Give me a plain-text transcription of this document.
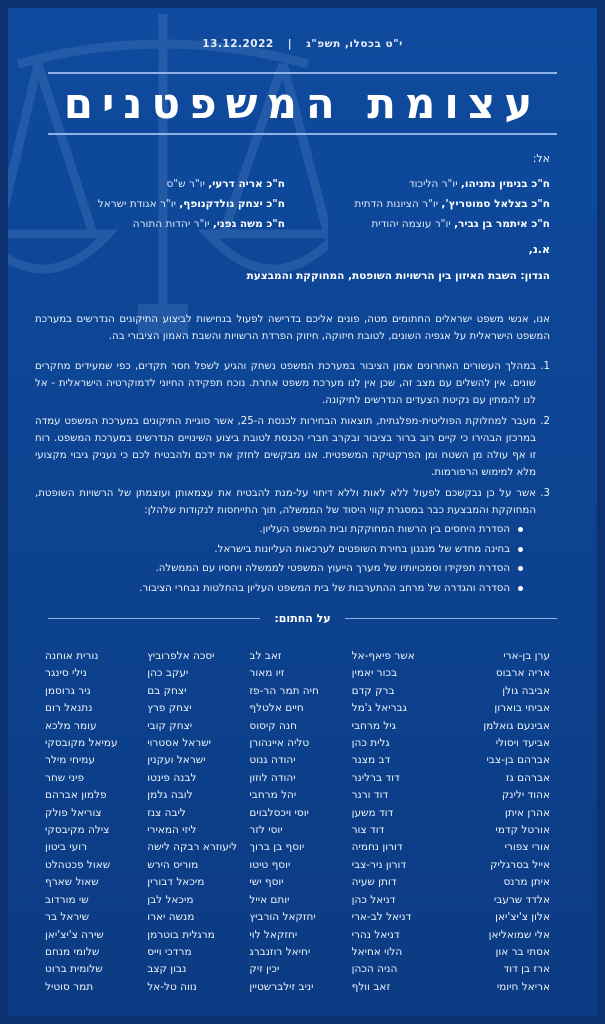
י"ט בכסלו, תשפ"ג
|
13.12.2022
עצומת המשפטנים
אל:
ח"כ בנימין נתניהו, יו"ר הליכוד
ח"כ אריה דרעי, יו"ר ש"ס
ח"כ בצלאל סמוטריץ', יו"ר הציונות הדתית
ח"כ יצחק גולדקנופף, יו"ר אגודת ישראל
ח"כ איתמר בן גביר, יו"ר עוצמה יהודית
ח"כ משה גפני, יו"ר יהדות התורה
א.נ,
הנדון: השבת האיזון בין הרשויות השופטת, המחוקקת והמבצעת

אנו, אנשי משפט ישראלים החתומים מטה, פונים אליכם בדרישה לפעול בנחישות לביצוע התיקונים הנדרשים במערכת המשפט הישראלית על אגפיה השונים, לטובת חיזוקה, חיזוק הפרדת הרשויות והשבת האמון הציבורי בה.

1.
במהלך העשורים האחרונים אמון הציבור במערכת המשפט נשחק והגיע לשפל חסר תקדים, כפי שמעידים מחקרים שונים. אין להשלים עם מצב זה, שכן אין לנו מערכת משפט אחרת. נוכח תפקידה החיוני לדמוקרטיה הישראלית - אל לנו להמתין עם נקיטת הצעדים הנדרשים לתיקונה.
2.
מעבר למחלוקת הפוליטית-מפלגתית, תוצאות הבחירות לכנסת ה-25, אשר סוגיית התיקונים במערכת המשפט עמדה במרכזן הבהירו כי קיים רוב ברור בציבור ובקרב חברי הכנסת לטובת ביצוע השינויים הנדרשים במערכת המשפט. רוח זו אף עולה מן השטח ומן הפרקטיקה המשפטית. אנו מבקשים לחזק את ידכם ולהבטיח לכם כי נעניק גיבוי מקצועי מלא למימוש הרפורמות.
3.
אשר על כן נבקשכם לפעול ללא לאות וללא דיחוי על-מנת להבטיח את עצמאותן ועוצמתן של הרשויות השופטת, המחוקקת והמבצעת כבר במסגרת קווי היסוד של הממשלה, תוך התייחסות לנקודות שלהלן:
הסדרת היחסים בין הרשות המחוקקת ובית המשפט העליון.
בחינה מחדש של מנגנון בחירת השופטים לערכאות העליונות בישראל.
הסדרת תפקידו וסמכויותיו של מערך הייעוץ המשפטי לממשלה ויחסיו עם הממשלה.
הסדרה והגדרה של מרחב ההתערבות של בית המשפט העליון בהחלטות נבחרי הציבור.
על החתום:
ערן בן-ארי
אריה ארבוס
אביבה גולן
אביחי בוארון
אבינעם גואלמן
אביעד ויסולי
אברהם בן-צבי
אברהם גז
אהוד ילינק
אהרן איתן
אורטל קדמי
אורי צפורי
אייל בסרגליק
איתן מרנס
אלדד שרעבי
אלון צ'יצ'יאן
אלי שמואליאן
אסתי בר און
ארז בן דוד
אריאל חיומי
אשר פיאף-אל
בכור יאמין
ברק קדם
גבריאל ג'מל
גיל מרחבי
גלית כהן
דב מצנר
דוד ברלינר
דוד ורנר
דוד משען
דוד צור
דורון נחמיה
דורון ניר-צבי
דותן שעיה
דניאל כהן
דניאל לב-ארי
דניאל נהרי
הלוי אחיאל
הניה הכהן
זאב וולף
זאב לב
זיו מאור
חיה תמר הר-פז
חיים אלטלף
חנה קיסוס
טליה איינהורן
יהודה גנוט
יהודה לוזון
יהל מרחבי
יוסי ויכסלבוים
יוסי לזר
יוסף בן ברוך
יוסף טיטו
יוסף ישי
יותם אייל
יחזקאל הורביץ
יחזקאל לוי
יחיאל רוזנברג
יכין זיק
יניב זילברשטיין
יסכה אלפרוביץ
יעקב כהן
יצחק בם
יצחק פרץ
יצחק קובי
ישראל אסטרוי
ישראל ועקנין
לבנה פינטו
לובה גלמן
ליבה צנז
ליזי המאירי
ליעוזרא רבקה לישה
מוריס הירש
מיכאל דבורין
מיכאל לבן
מנשה יארו
מרגלית בוטרמן
מרדכי וייס
נבון קצב
נווה טל-אל
נורית אוחנה
נילי סינגר
ניר גרוסמן
נתנאל רום
עומר מלכא
עמיאל מקובסקי
עמיחי מילר
פיני שחר
פלמון אברהם
צוריאל פולק
צילה מקיבסקי
רועי ביטון
שאול פכטהלט
שאול שארף
שי מורדוב
שיראל בר
שירה צ'יצ'יאן
שלומי מנחם
שלומית ברוט
תמר סוטיל
